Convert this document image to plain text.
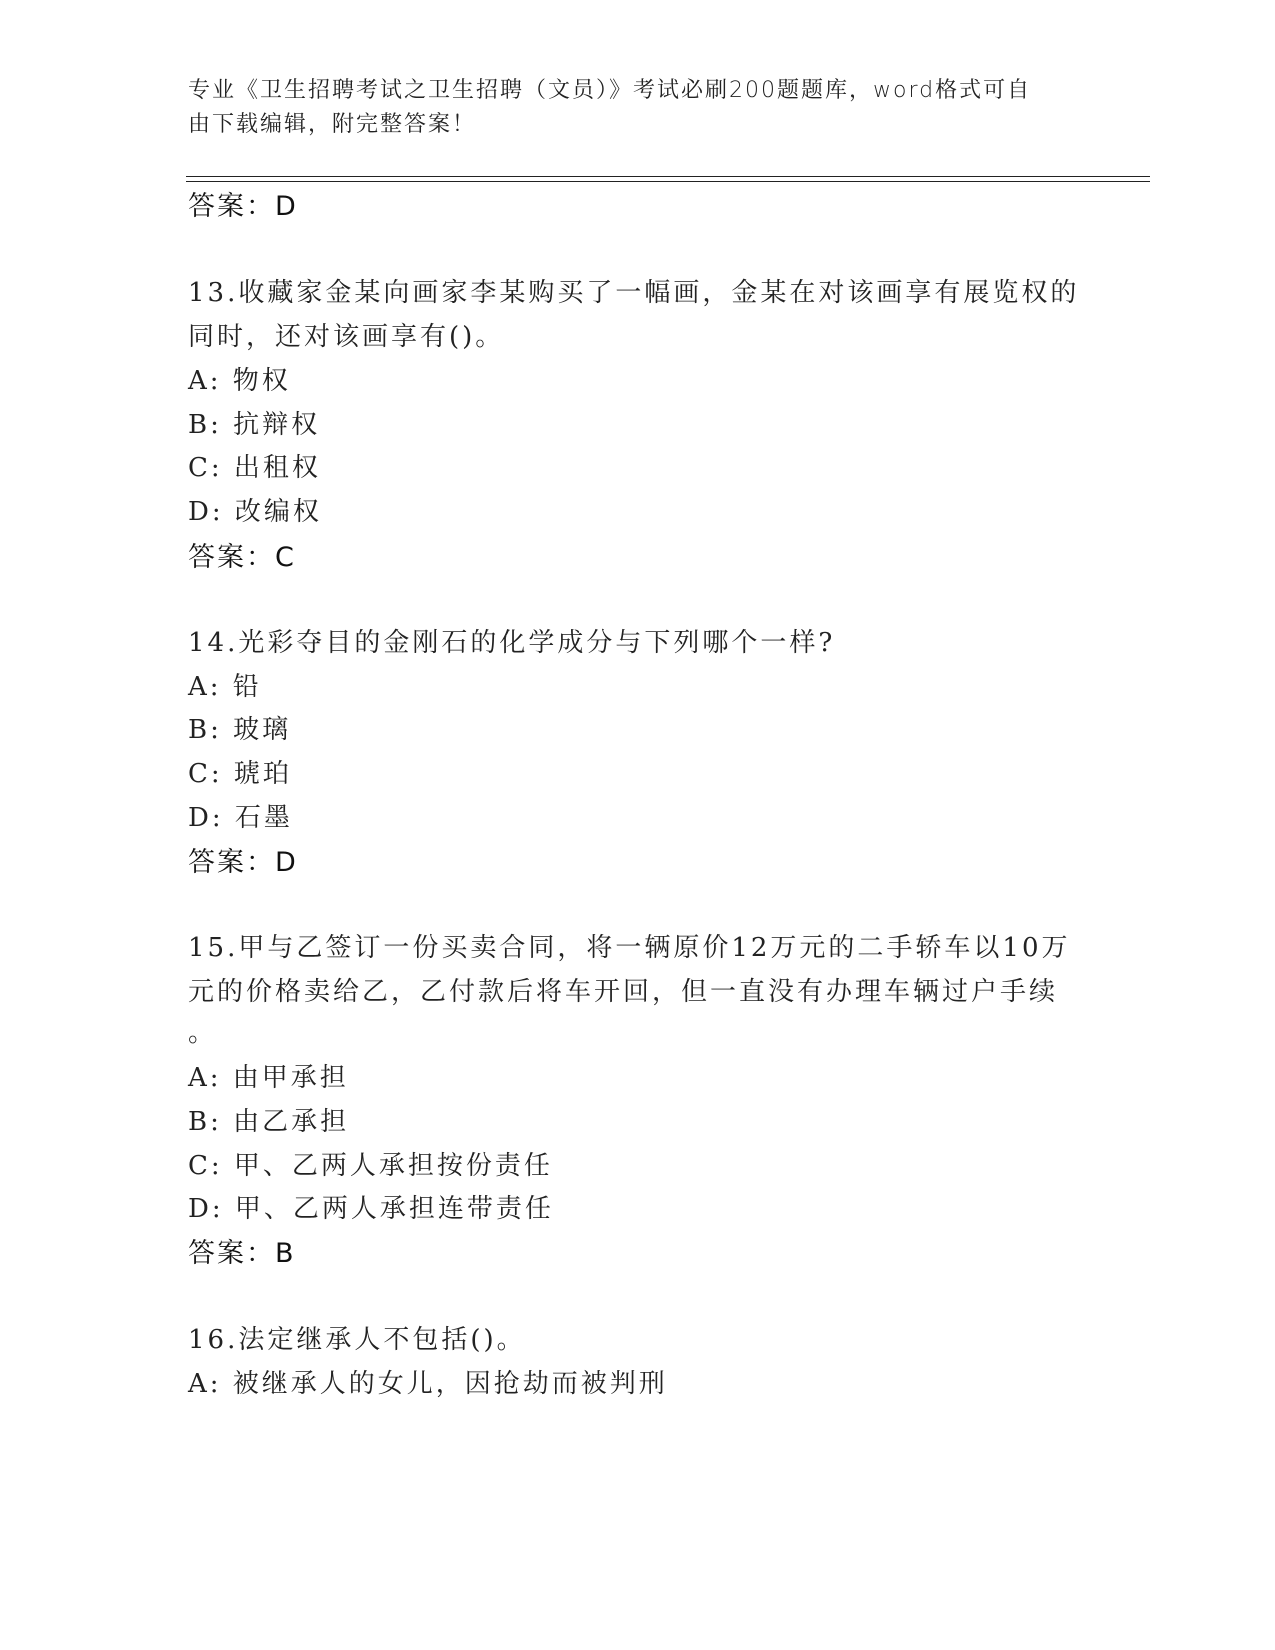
专业《卫生招聘考试之卫生招聘（文员）》考试必刷200题题库，word格式可自
由下载编辑，附完整答案！
答案：D
13.收藏家金某向画家李某购买了一幅画，金某在对该画享有展览权的
同时，还对该画享有()。
A: 物权
B: 抗辩权
C: 出租权
D: 改编权
答案：C
14.光彩夺目的金刚石的化学成分与下列哪个一样?
A: 铅
B: 玻璃
C: 琥珀
D: 石墨
答案：D
15.甲与乙签订一份买卖合同，将一辆原价12万元的二手轿车以10万
元的价格卖给乙，乙付款后将车开回，但一直没有办理车辆过户手续
。
A: 由甲承担
B: 由乙承担
C: 甲、乙两人承担按份责任
D: 甲、乙两人承担连带责任
答案：B
16.法定继承人不包括()。
A: 被继承人的女儿，因抢劫而被判刑
